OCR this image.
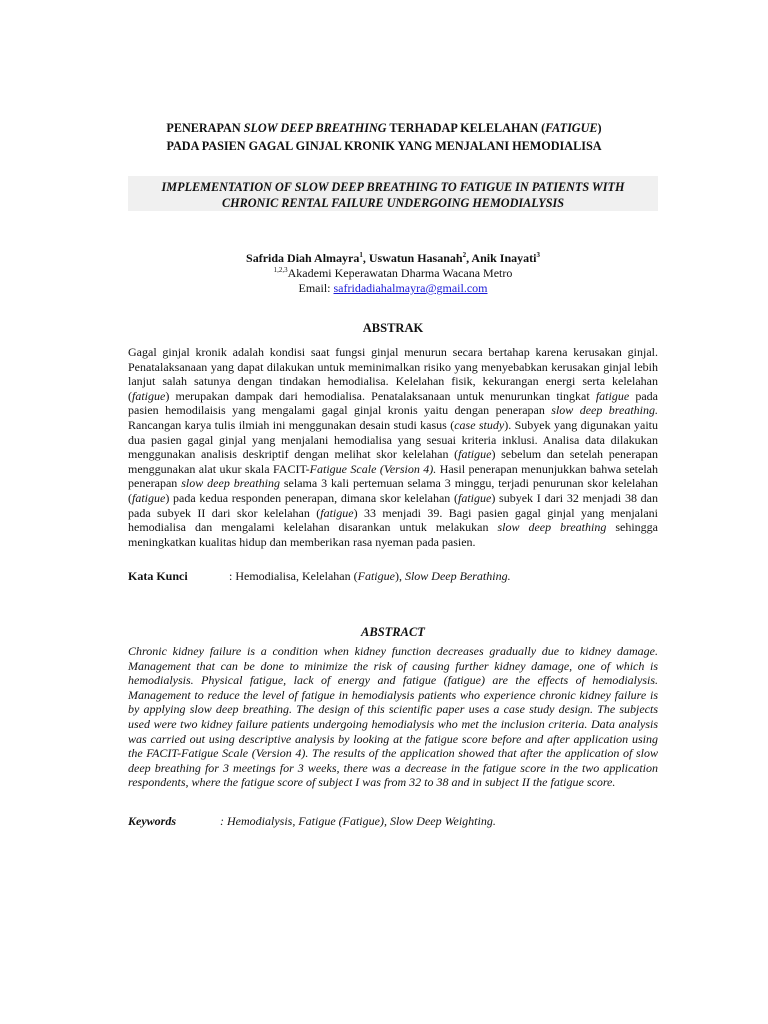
PENERAPAN SLOW DEEP BREATHING TERHADAP KELELAHAN (FATIGUE)
PADA PASIEN GAGAL GINJAL KRONIK YANG MENJALANI HEMODIALISA
IMPLEMENTATION OF SLOW DEEP BREATHING TO FATIGUE IN PATIENTS WITH
CHRONIC RENTAL FAILURE UNDERGOING HEMODIALYSIS
Safrida Diah Almayra$^1$, Uswatun Hasanah$^2$, Anik Inayati$^3$
$^{1,2,3}$Akademi Keperawatan Dharma Wacana Metro
Email: safridadiahalmayra@gmail.com
ABSTRAK

Gagal ginjal kronik adalah kondisi saat fungsi ginjal menurun secara bertahap karena kerusakan ginjal. Penatalaksanaan yang dapat dilakukan untuk meminimalkan risiko yang menyebabkan kerusakan ginjal lebih lanjut salah satunya dengan tindakan hemodialisa. Kelelahan fisik, kekurangan energi serta kelelahan (fatigue) merupakan dampak dari hemodialisa. Penatalaksanaan untuk menurunkan tingkat fatigue pada pasien hemodilaisis yang mengalami gagal ginjal kronis yaitu dengan penerapan slow deep breathing. Rancangan karya tulis ilmiah ini menggunakan desain studi kasus (case study). Subyek yang digunakan yaitu dua pasien gagal ginjal yang menjalani hemodialisa yang sesuai kriteria inklusi. Analisa data dilakukan menggunakan analisis deskriptif dengan melihat skor kelelahan (fatigue) sebelum dan setelah penerapan menggunakan alat ukur skala FACIT-Fatigue Scale (Version 4). Hasil penerapan menunjukkan bahwa setelah penerapan slow deep breathing selama 3 kali pertemuan selama 3 minggu, terjadi penurunan skor kelelahan (fatigue) pada kedua responden penerapan, dimana skor kelelahan (fatigue) subyek I dari 32 menjadi 38 dan pada subyek II dari skor kelelahan (fatigue) 33 menjadi 39. Bagi pasien gagal ginjal yang menjalani hemodialisa dan mengalami kelelahan disarankan untuk melakukan slow deep breathing sehingga meningkatkan kualitas hidup dan memberikan rasa nyeman pada pasien.

Kata Kunci	: Hemodialisa, Kelelahan (Fatigue), Slow Deep Berathing.
ABSTRACT

Chronic kidney failure is a condition when kidney function decreases gradually due to kidney damage. Management that can be done to minimize the risk of causing further kidney damage, one of which is hemodialysis. Physical fatigue, lack of energy and fatigue (fatigue) are the effects of hemodialysis. Management to reduce the level of fatigue in hemodialysis patients who experience chronic kidney failure is by applying slow deep breathing. The design of this scientific paper uses a case study design. The subjects used were two kidney failure patients undergoing hemodialysis who met the inclusion criteria. Data analysis was carried out using descriptive analysis by looking at the fatigue score before and after application using the FACIT-Fatigue Scale (Version 4). The results of the application showed that after the application of slow deep breathing for 3 meetings for 3 weeks, there was a decrease in the fatigue score in the two application respondents, where the fatigue score of subject I was from 32 to 38 and in subject II the fatigue score.

Keywords	: Hemodialysis, Fatigue (Fatigue), Slow Deep Weighting.
